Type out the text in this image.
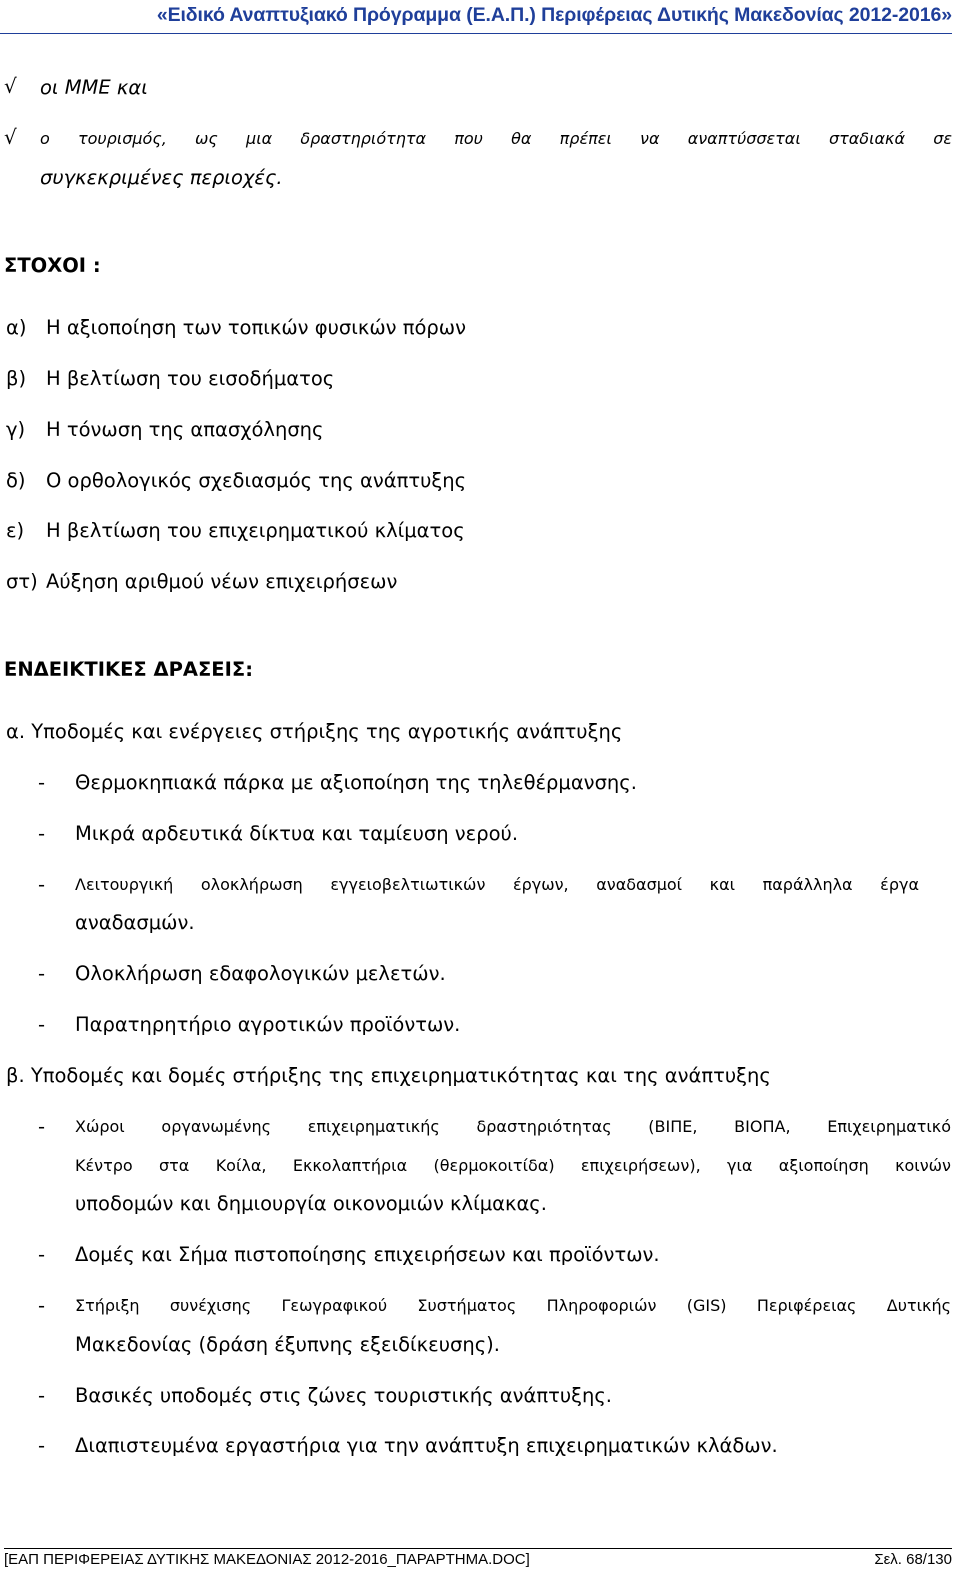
«Ειδικό Αναπτυξιακό Πρόγραμμα (Ε.Α.Π.) Περιφέρειας Δυτικής Μακεδονίας 2012-2016»
√ οι ΜΜΕ και
√ ο τουρισμός, ως μια δραστηριότητα που θα πρέπει να αναπτύσσεται σταδιακά σε
συγκεκριμένες περιοχές.
ΣΤΟΧΟΙ :
α) Η αξιοποίηση των τοπικών φυσικών πόρων
β) Η βελτίωση του εισοδήματος
γ) Η τόνωση της απασχόλησης
δ) Ο ορθολογικός σχεδιασμός της ανάπτυξης
ε) Η βελτίωση του επιχειρηματικού κλίματος
στ) Αύξηση αριθμού νέων επιχειρήσεων
ΕΝΔΕΙΚΤΙΚΕΣ ΔΡΑΣΕΙΣ:
α. Υποδομές και ενέργειες στήριξης της αγροτικής ανάπτυξης
- Θερμοκηπιακά πάρκα με αξιοποίηση της τηλεθέρμανσης.
- Μικρά αρδευτικά δίκτυα και ταμίευση νερού.
- Λειτουργική ολοκλήρωση εγγειοβελτιωτικών έργων, αναδασμοί και παράλληλα έργα
αναδασμών.
- Ολοκλήρωση εδαφολογικών μελετών.
- Παρατηρητήριο αγροτικών προϊόντων.
β. Υποδομές και δομές στήριξης της επιχειρηματικότητας και της ανάπτυξης
- Χώροι οργανωμένης επιχειρηματικής δραστηριότητας (ΒΙΠΕ, ΒΙΟΠΑ, Επιχειρηματικό
Κέντρο στα Κοίλα, Εκκολαπτήρια (θερμοκοιτίδα) επιχειρήσεων), για αξιοποίηση κοινών
υποδομών και δημιουργία οικονομιών κλίμακας.
- Δομές και Σήμα πιστοποίησης επιχειρήσεων και προϊόντων.
- Στήριξη συνέχισης Γεωγραφικού Συστήματος Πληροφοριών (GIS) Περιφέρειας Δυτικής
Μακεδονίας (δράση έξυπνης εξειδίκευσης).
- Βασικές υποδομές στις ζώνες τουριστικής ανάπτυξης.
- Διαπιστευμένα εργαστήρια για την ανάπτυξη επιχειρηματικών κλάδων.
[ΕΑΠ ΠΕΡΙΦΕΡΕΙΑΣ ΔΥΤΙΚΗΣ ΜΑΚΕΔΟΝΙΑΣ 2012-2016_ΠΑΡΑΡΤΗΜΑ.DOC]	Σελ. 68/130
